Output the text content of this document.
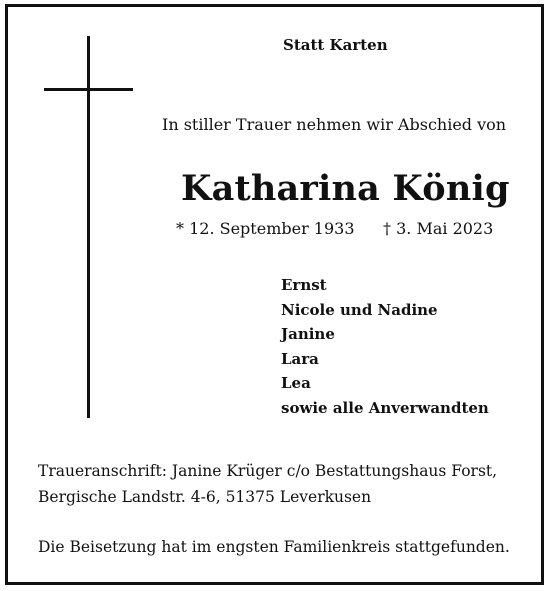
Statt Karten
In stiller Trauer nehmen wir Abschied von
Katharina König
* 12. September 1933 † 3. Mai 2023
Ernst
Nicole und Nadine
Janine
Lara
Lea
sowie alle Anverwandten
Traueranschrift: Janine Krüger c/o Bestattungshaus Forst,
Bergische Landstr. 4-6, 51375 Leverkusen
Die Beisetzung hat im engsten Familienkreis stattgefunden.
